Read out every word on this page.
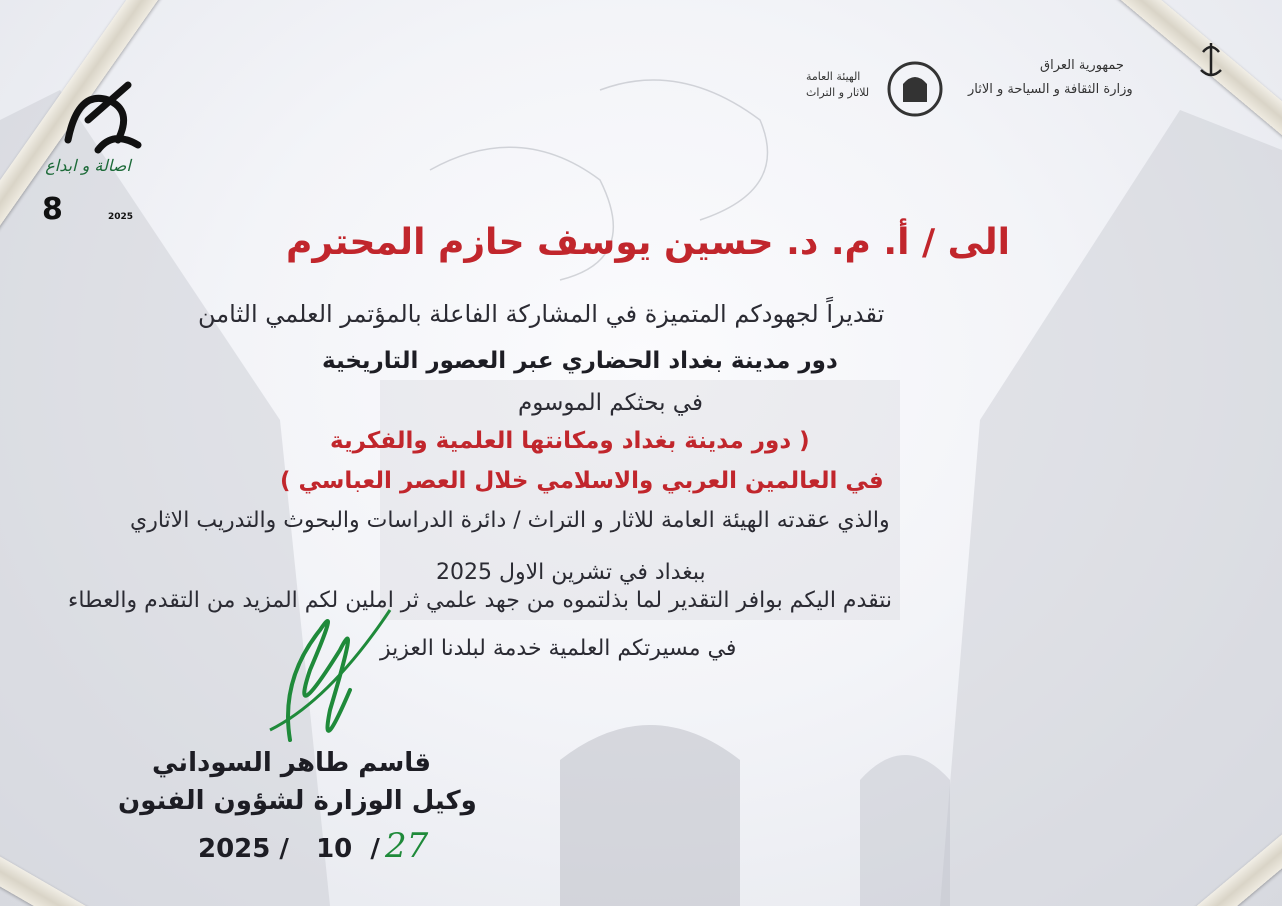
اصالة و ابداع
8	2025
جمهورية العراق
وزارة الثقافة و السياحة و الاثار
الهيئة العامة
للاثار و التراث
الى / أ. م. د. حسين يوسف حازم المحترم
تقديراً لجهودكم المتميزة في المشاركة الفاعلة بالمؤتمر العلمي الثامن
دور مدينة بغداد الحضاري عبر العصور التاريخية
في بحثكم الموسوم
( دور مدينة بغداد ومكانتها العلمية والفكرية
في العالمين العربي والاسلامي خلال العصر العباسي )
والذي عقدته الهيئة العامة للاثار و التراث / دائرة الدراسات والبحوث والتدريب الاثاري
ببغداد في تشرين الاول 2025
نتقدم اليكم بوافر التقدير لما بذلتموه من جهد علمي ثر املين لكم المزيد من التقدم والعطاء
في مسيرتكم العلمية خدمة لبلدنا العزيز
قاسم طاهر السوداني
وكيل الوزارة لشؤون الفنون
2025 /   10  / 27
